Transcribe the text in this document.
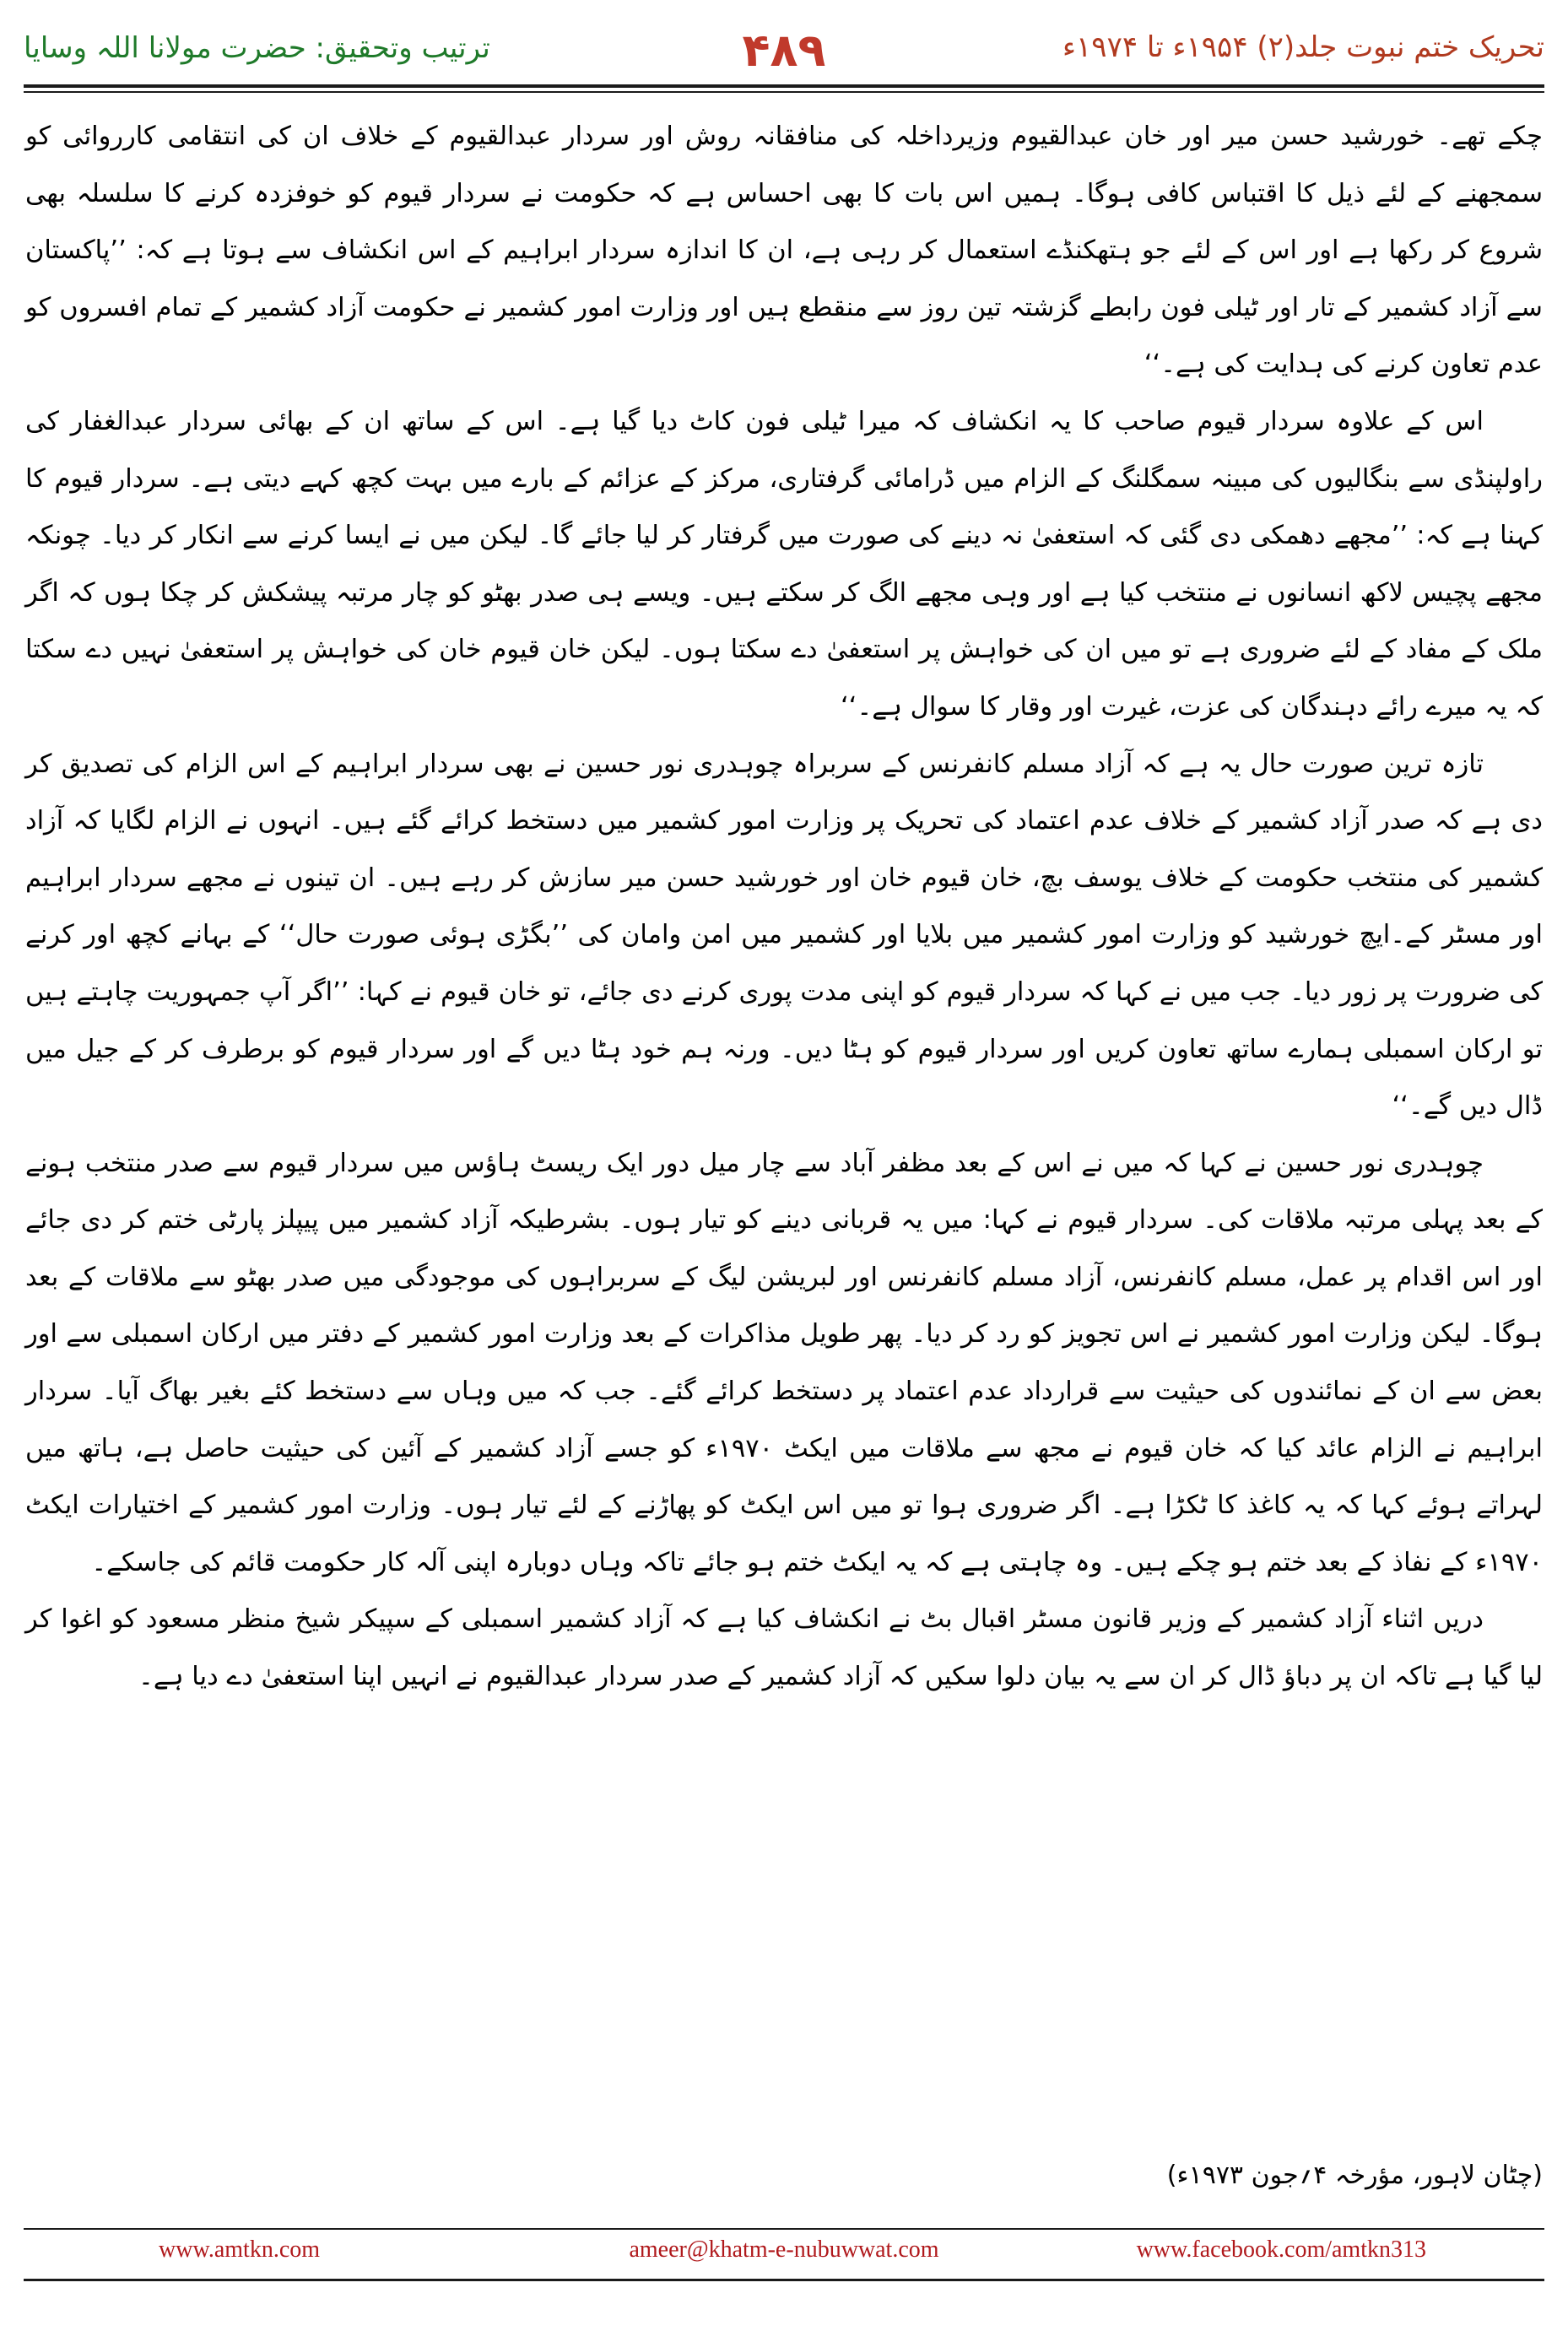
ترتیب وتحقیق: حضرت مولانا اللہ وسایا	۴۸۹	تحریک ختم نبوت جلد(۲) ۱۹۵۴ء تا ۱۹۷۴ء

چکے تھے۔ خورشید حسن میر اور خان عبدالقیوم وزیرداخلہ کی منافقانہ روش اور سردار عبدالقیوم کے خلاف ان کی انتقامی کارروائی کو سمجھنے کے لئے ذیل کا اقتباس کافی ہوگا۔ ہمیں اس بات کا بھی احساس ہے کہ حکومت نے سردار قیوم کو خوفزدہ کرنے کا سلسلہ بھی شروع کر رکھا ہے اور اس کے لئے جو ہتھکنڈے استعمال کر رہی ہے، ان کا اندازہ سردار ابراہیم کے اس انکشاف سے ہوتا ہے کہ: ’’پاکستان سے آزاد کشمیر کے تار اور ٹیلی فون رابطے گزشتہ تین روز سے منقطع ہیں اور وزارت امور کشمیر نے حکومت آزاد کشمیر کے تمام افسروں کو عدم تعاون کرنے کی ہدایت کی ہے۔‘‘

اس کے علاوہ سردار قیوم صاحب کا یہ انکشاف کہ میرا ٹیلی فون کاٹ دیا گیا ہے۔ اس کے ساتھ ان کے بھائی سردار عبدالغفار کی راولپنڈی سے بنگالیوں کی مبینہ سمگلنگ کے الزام میں ڈرامائی گرفتاری، مرکز کے عزائم کے بارے میں بہت کچھ کہے دیتی ہے۔ سردار قیوم کا کہنا ہے کہ: ’’مجھے دھمکی دی گئی کہ استعفیٰ نہ دینے کی صورت میں گرفتار کر لیا جائے گا۔ لیکن میں نے ایسا کرنے سے انکار کر دیا۔ چونکہ مجھے پچیس لاکھ انسانوں نے منتخب کیا ہے اور وہی مجھے الگ کر سکتے ہیں۔ ویسے ہی صدر بھٹو کو چار مرتبہ پیشکش کر چکا ہوں کہ اگر ملک کے مفاد کے لئے ضروری ہے تو میں ان کی خواہش پر استعفیٰ دے سکتا ہوں۔ لیکن خان قیوم خان کی خواہش پر استعفیٰ نہیں دے سکتا کہ یہ میرے رائے دہندگان کی عزت، غیرت اور وقار کا سوال ہے۔‘‘

تازہ ترین صورت حال یہ ہے کہ آزاد مسلم کانفرنس کے سربراہ چوہدری نور حسین نے بھی سردار ابراہیم کے اس الزام کی تصدیق کر دی ہے کہ صدر آزاد کشمیر کے خلاف عدم اعتماد کی تحریک پر وزارت امور کشمیر میں دستخط کرائے گئے ہیں۔ انہوں نے الزام لگایا کہ آزاد کشمیر کی منتخب حکومت کے خلاف یوسف بچ، خان قیوم خان اور خورشید حسن میر سازش کر رہے ہیں۔ ان تینوں نے مجھے سردار ابراہیم اور مسٹر کے۔ایچ خورشید کو وزارت امور کشمیر میں بلایا اور کشمیر میں امن وامان کی ’’بگڑی ہوئی صورت حال‘‘ کے بہانے کچھ اور کرنے کی ضرورت پر زور دیا۔ جب میں نے کہا کہ سردار قیوم کو اپنی مدت پوری کرنے دی جائے، تو خان قیوم نے کہا: ’’اگر آپ جمہوریت چاہتے ہیں تو ارکان اسمبلی ہمارے ساتھ تعاون کریں اور سردار قیوم کو ہٹا دیں۔ ورنہ ہم خود ہٹا دیں گے اور سردار قیوم کو برطرف کر کے جیل میں ڈال دیں گے۔‘‘

چوہدری نور حسین نے کہا کہ میں نے اس کے بعد مظفر آباد سے چار میل دور ایک ریسٹ ہاؤس میں سردار قیوم سے صدر منتخب ہونے کے بعد پہلی مرتبہ ملاقات کی۔ سردار قیوم نے کہا: میں یہ قربانی دینے کو تیار ہوں۔ بشرطیکہ آزاد کشمیر میں پیپلز پارٹی ختم کر دی جائے اور اس اقدام پر عمل، مسلم کانفرنس، آزاد مسلم کانفرنس اور لبریشن لیگ کے سربراہوں کی موجودگی میں صدر بھٹو سے ملاقات کے بعد ہوگا۔ لیکن وزارت امور کشمیر نے اس تجویز کو رد کر دیا۔ پھر طویل مذاکرات کے بعد وزارت امور کشمیر کے دفتر میں ارکان اسمبلی سے اور بعض سے ان کے نمائندوں کی حیثیت سے قرارداد عدم اعتماد پر دستخط کرائے گئے۔ جب کہ میں وہاں سے دستخط کئے بغیر بھاگ آیا۔ سردار ابراہیم نے الزام عائد کیا کہ خان قیوم نے مجھ سے ملاقات میں ایکٹ ۱۹۷۰ء کو جسے آزاد کشمیر کے آئین کی حیثیت حاصل ہے، ہاتھ میں لہراتے ہوئے کہا کہ یہ کاغذ کا ٹکڑا ہے۔ اگر ضروری ہوا تو میں اس ایکٹ کو پھاڑنے کے لئے تیار ہوں۔ وزارت امور کشمیر کے اختیارات ایکٹ ۱۹۷۰ء کے نفاذ کے بعد ختم ہو چکے ہیں۔ وہ چاہتی ہے کہ یہ ایکٹ ختم ہو جائے تاکہ وہاں دوبارہ اپنی آلہ کار حکومت قائم کی جاسکے۔

دریں اثناء آزاد کشمیر کے وزیر قانون مسٹر اقبال بٹ نے انکشاف کیا ہے کہ آزاد کشمیر اسمبلی کے سپیکر شیخ منظر مسعود کو اغوا کر لیا گیا ہے تاکہ ان پر دباؤ ڈال کر ان سے یہ بیان دلوا سکیں کہ آزاد کشمیر کے صدر سردار عبدالقیوم نے انہیں اپنا استعفیٰ دے دیا ہے۔

(چٹان لاہور، مؤرخہ ۴؍جون ۱۹۷۳ء)
www.amtkn.com	ameer@khatm-e-nubuwwat.com	www.facebook.com/amtkn313
